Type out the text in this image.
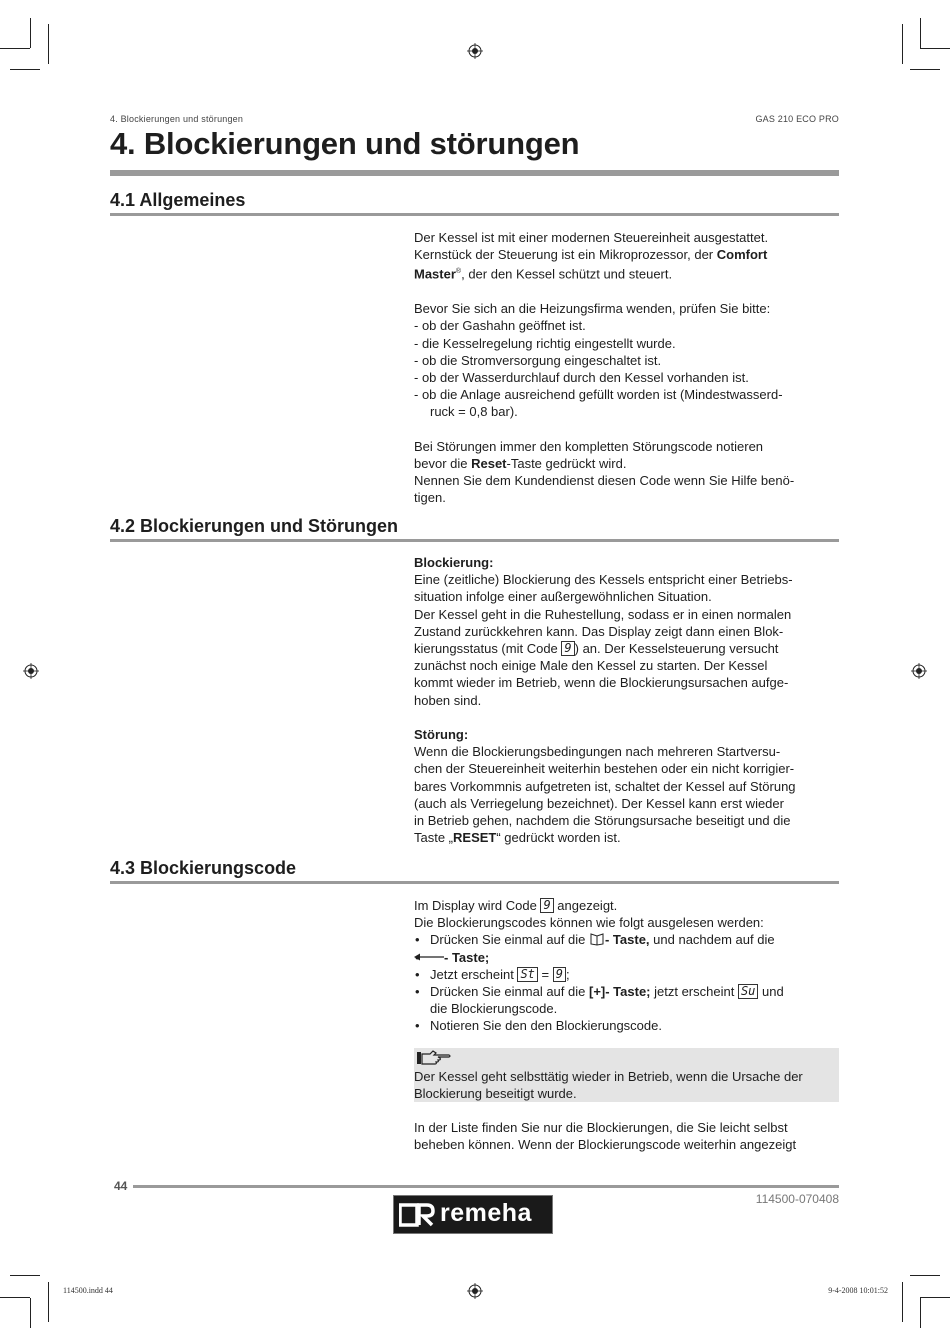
4. Blockierungen und störungen	GAS 210 ECO PRO
4. Blockierungen und störungen
4.1 Allgemeines

Der Kessel ist mit einer modernen Steuereinheit ausgestattet.

Kernstück der Steuerung ist ein Mikroprozessor, der Comfort

Master®, der den Kessel schützt und steuert.

Bevor Sie sich an die Heizungsfirma wenden, prüfen Sie bitte:

- ob der Gashahn geöffnet ist.

- die Kesselregelung richtig eingestellt wurde.

- ob die Stromversorgung eingeschaltet ist.

- ob der Wasserdurchlauf durch den Kessel vorhanden ist.

- ob die Anlage ausreichend gefüllt worden ist (Mindestwasserd-

ruck = 0,8 bar).

Bei Störungen immer den kompletten Störungscode notieren

bevor die Reset-Taste gedrückt wird.

Nennen Sie dem Kundendienst diesen Code wenn Sie Hilfe benö-

tigen.

4.2 Blockierungen und Störungen

Blockierung:

Eine (zeitliche) Blockierung des Kessels entspricht einer Betriebs-

situation infolge einer außergewöhnlichen Situation.

Der Kessel geht in die Ruhestellung, sodass er in einen normalen

Zustand zurückkehren kann. Das Display zeigt dann einen Blok-

kierungsstatus (mit Code 9 ) an. Der Kesselsteuerung versucht

zunächst noch einige Male den Kessel zu starten. Der Kessel

kommt wieder im Betrieb, wenn die Blockierungsursachen aufge-

hoben sind.

Störung:

Wenn die Blockierungsbedingungen nach mehreren Startversu-

chen der Steuereinheit weiterhin bestehen oder ein nicht korrigier-

bares Vorkommnis aufgetreten ist, schaltet der Kessel auf Störung

(auch als Verriegelung bezeichnet). Der Kessel kann erst wieder

in Betrieb gehen, nachdem die Störungsursache beseitigt und die

Taste „RESET“ gedrückt worden ist.

4.3 Blockierungscode

Im Display wird Code 9 angezeigt.

Die Blockierungscodes können wie folgt ausgelesen werden:

• Drücken Sie einmal auf die - Taste, und nachdem auf die

• - Taste;

• Jetzt erscheint St = 9 ;

• Drücken Sie einmal auf die [+]- Taste; jetzt erscheint Su und

die Blockierungscode.

• Notieren Sie den den Blockierungscode.

Der Kessel geht selbsttätig wieder in Betrieb, wenn die Ursache der Blockierung beseitigt wurde.

In der Liste finden Sie nur die Blockierungen, die Sie leicht selbst

beheben können. Wenn der Blockierungscode weiterhin angezeigt

44
114500-070408
remeha
114500.indd 44	9-4-2008 10:01:52
